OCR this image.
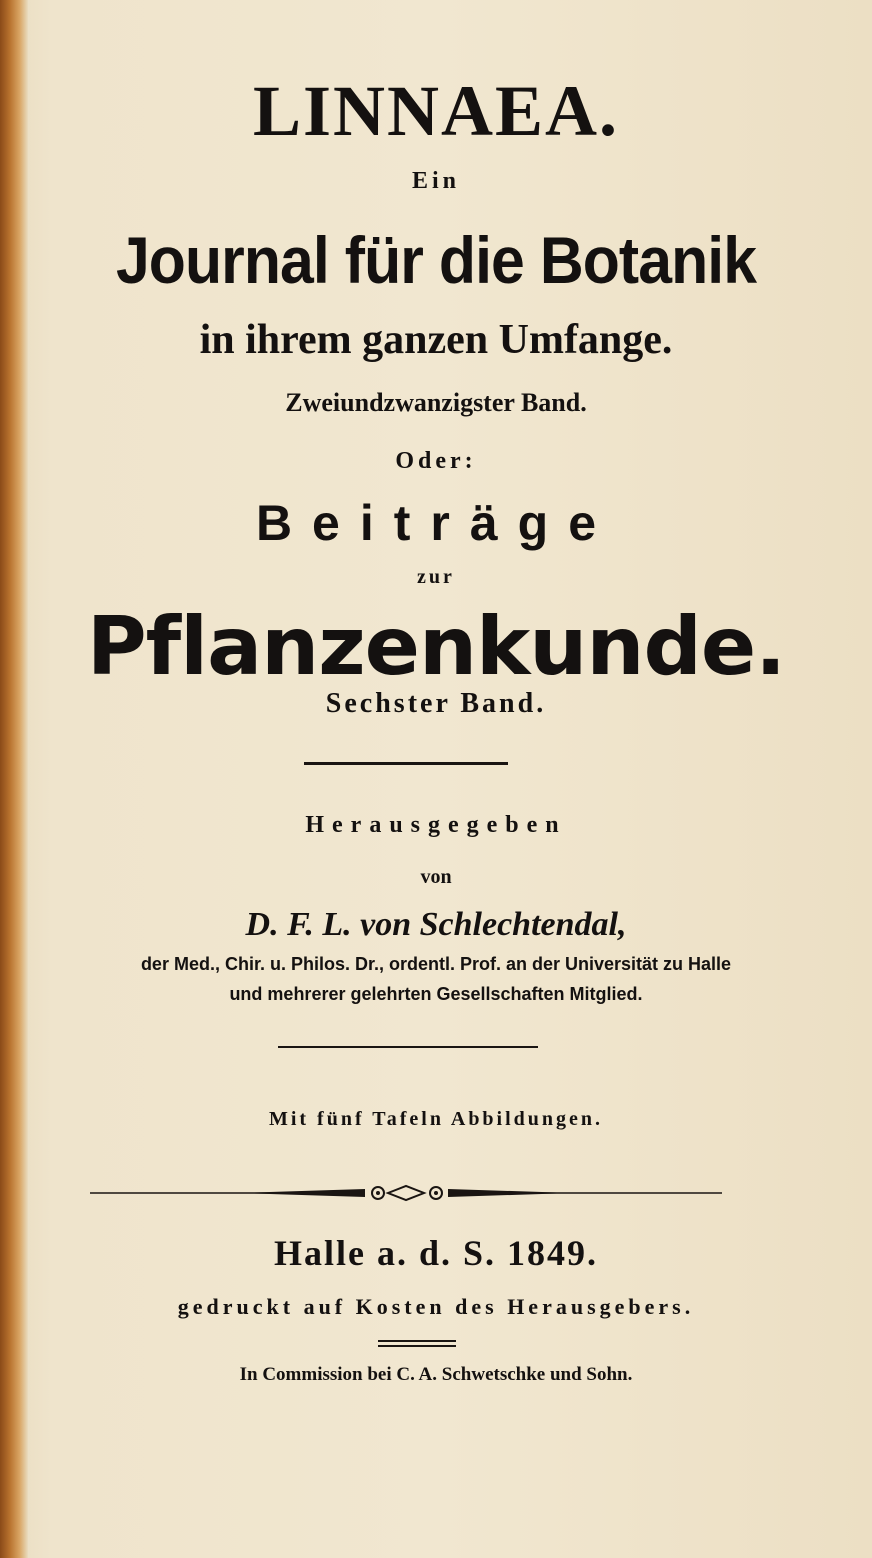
LINNAEA.
Ein
Journal für die Botanik
in ihrem ganzen Umfange.
Zweiundzwanzigster Band.
Oder:
Beiträge
zur
Pflanzenkunde.
Sechster Band.
Herausgegeben
von
D. F. L. von Schlechtendal,
der Med., Chir. u. Philos. Dr., ordentl. Prof. an der Universität zu Halle
und mehrerer gelehrten Gesellschaften Mitglied.
Mit fünf Tafeln Abbildungen.
Halle a. d. S. 1849.
gedruckt auf Kosten des Herausgebers.
In Commission bei C. A. Schwetschke und Sohn.
